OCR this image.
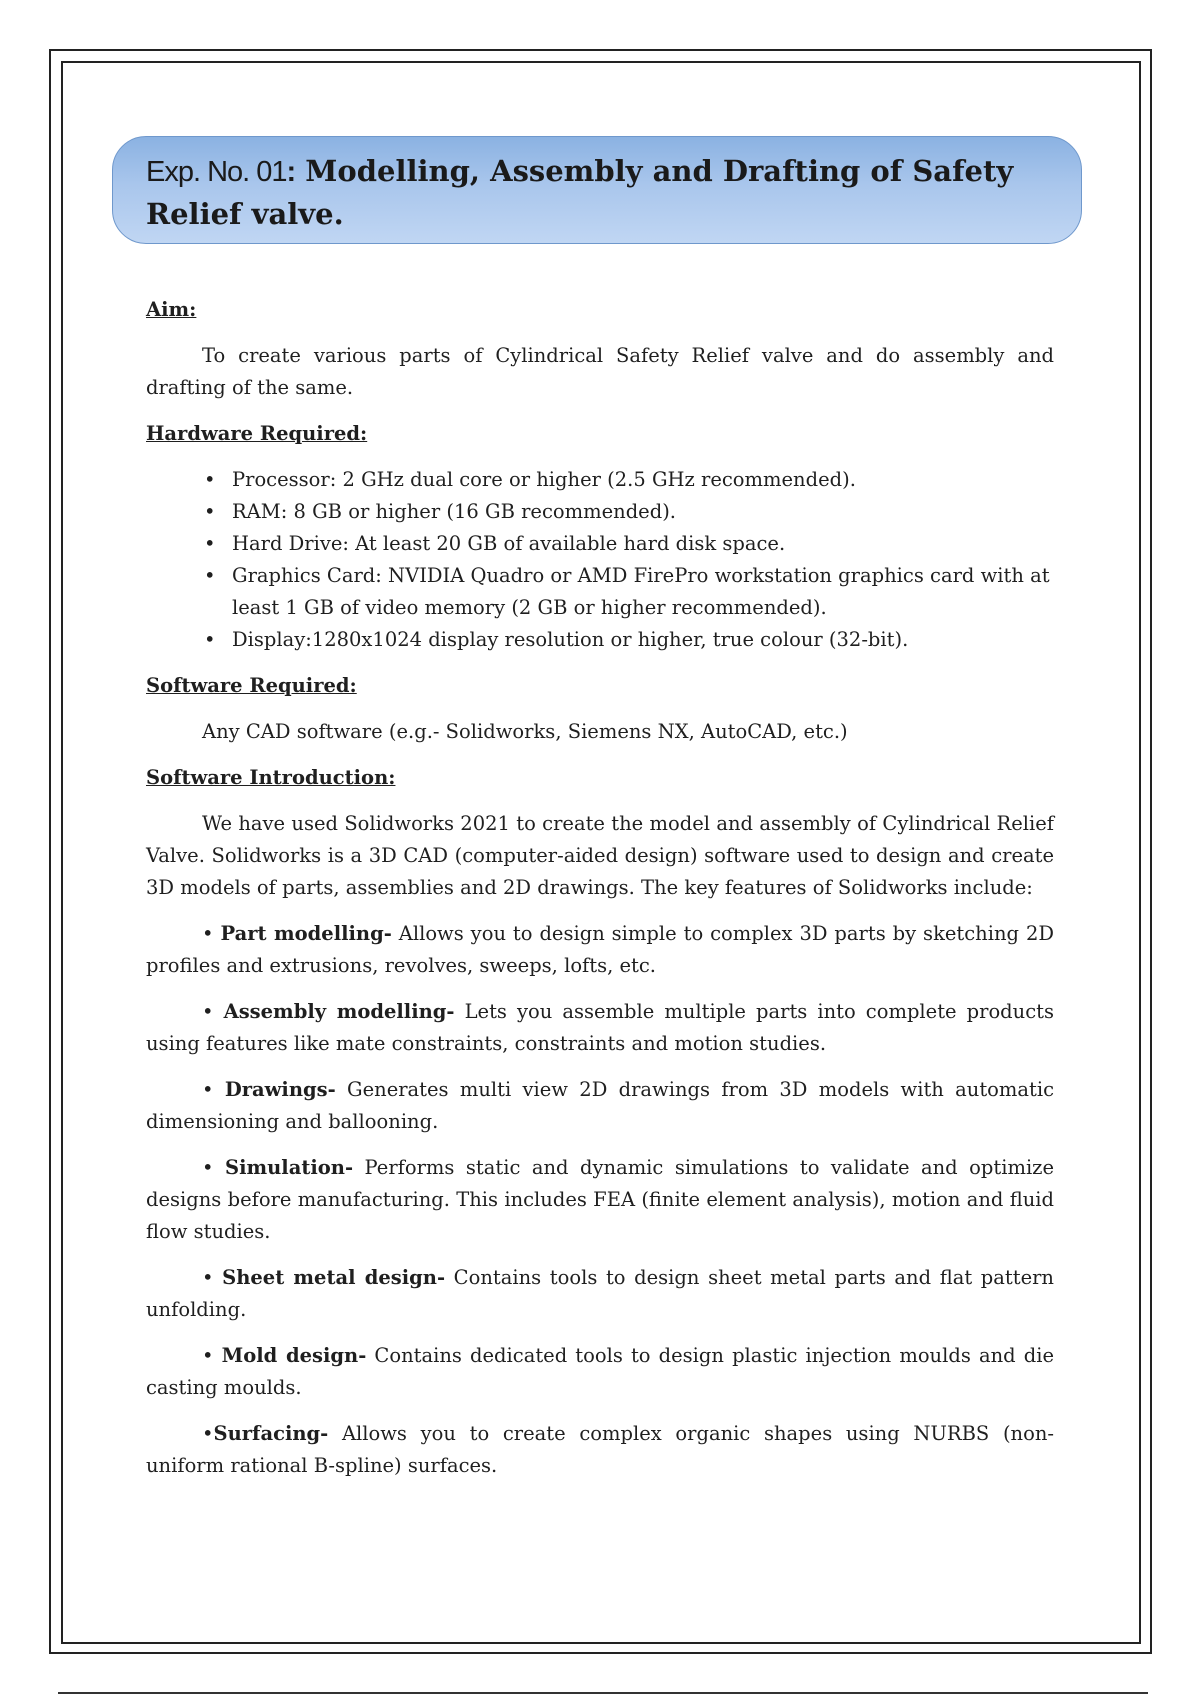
Exp. No. 01: Modelling, Assembly and Drafting of Safety Relief valve.

Aim:

To create various parts of Cylindrical Safety Relief valve and do assembly and drafting of the same.

Hardware Required:

• Processor: 2 GHz dual core or higher (2.5 GHz recommended).
• RAM: 8 GB or higher (16 GB recommended).
• Hard Drive: At least 20 GB of available hard disk space.
• Graphics Card: NVIDIA Quadro or AMD FirePro workstation graphics card with at least 1 GB of video memory (2 GB or higher recommended).
• Display:1280x1024 display resolution or higher, true colour (32-bit).

Software Required:

Any CAD software (e.g.- Solidworks, Siemens NX, AutoCAD, etc.)

Software Introduction:

We have used Solidworks 2021 to create the model and assembly of Cylindrical Relief Valve. Solidworks is a 3D CAD (computer-aided design) software used to design and create 3D models of parts, assemblies and 2D drawings. The key features of Solidworks include:

• Part modelling- Allows you to design simple to complex 3D parts by sketching 2D profiles and extrusions, revolves, sweeps, lofts, etc.

• Assembly modelling- Lets you assemble multiple parts into complete products using features like mate constraints, constraints and motion studies.

• Drawings- Generates multi view 2D drawings from 3D models with automatic dimensioning and ballooning.

• Simulation- Performs static and dynamic simulations to validate and optimize designs before manufacturing. This includes FEA (finite element analysis), motion and fluid flow studies.

• Sheet metal design- Contains tools to design sheet metal parts and flat pattern unfolding.

• Mold design- Contains dedicated tools to design plastic injection moulds and die casting moulds.

•Surfacing- Allows you to create complex organic shapes using NURBS (non-uniform rational B-spline) surfaces.
